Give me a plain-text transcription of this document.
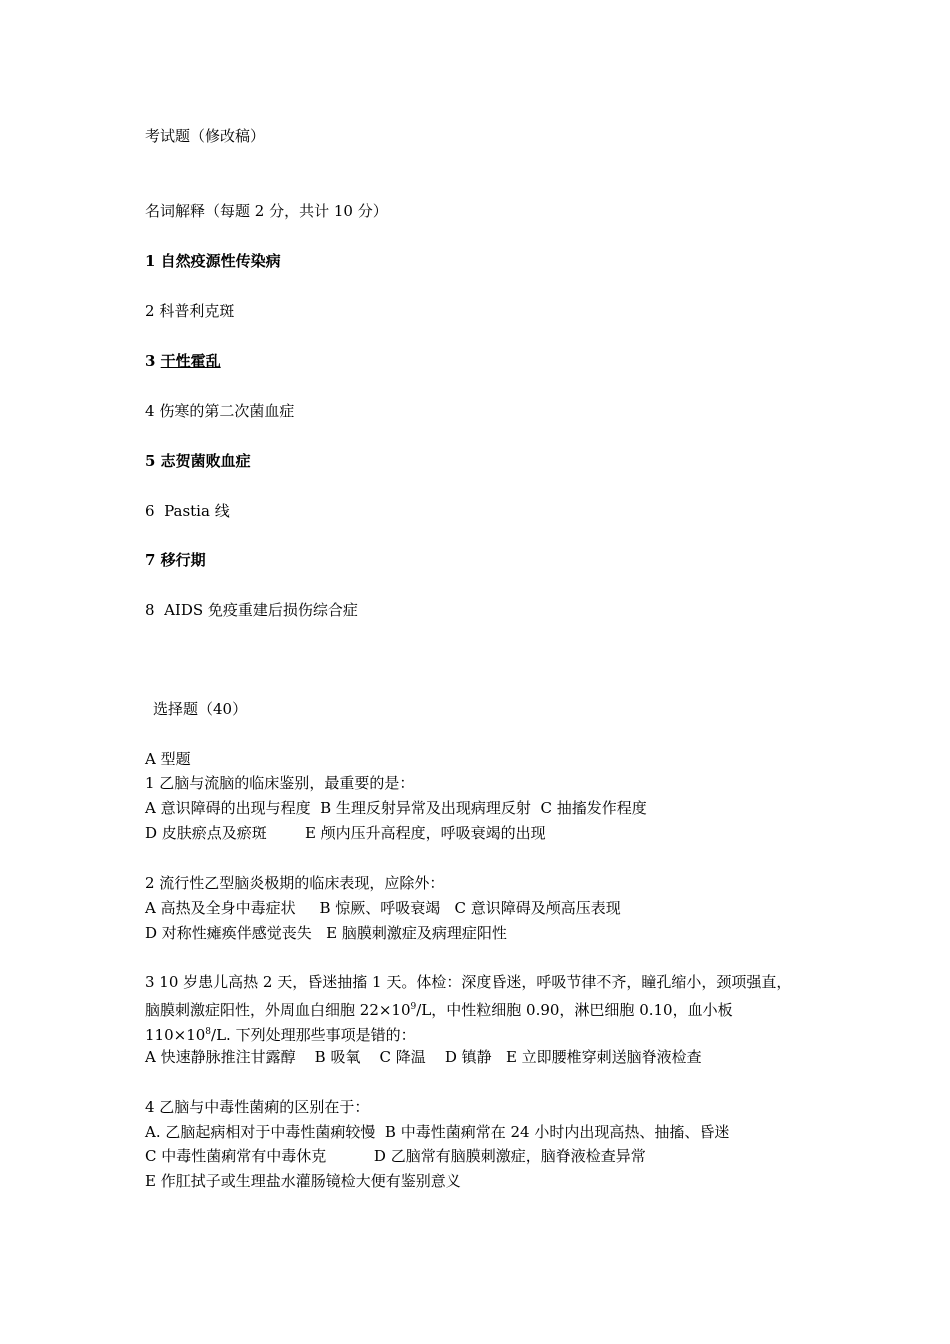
考试题（修改稿）
名词解释（每题 2 分，共计 10 分）
1 自然疫源性传染病
2 科普利克斑
3 干性霍乱
4 伤寒的第二次菌血症
5 志贺菌败血症
6  Pastia 线
7 移行期
8  AIDS 免疫重建后损伤综合症
选择题（40）
A 型题
1 乙脑与流脑的临床鉴别，最重要的是：
A 意识障碍的出现与程度  B 生理反射异常及出现病理反射  C 抽搐发作程度
D 皮肤瘀点及瘀斑        E 颅内压升高程度，呼吸衰竭的出现
2 流行性乙型脑炎极期的临床表现，应除外：
A 高热及全身中毒症状     B 惊厥、呼吸衰竭   C 意识障碍及颅高压表现
D 对称性瘫痪伴感觉丧失   E 脑膜刺激症及病理症阳性
3 10 岁患儿高热 2 天，昏迷抽搐 1 天。体检：深度昏迷，呼吸节律不齐，瞳孔缩小，颈项强直，
脑膜刺激症阳性，外周血白细胞 $22\times 10^9/L$，中性粒细胞 0.90，淋巴细胞 0.10，血小板
$110\times 10^8/L$. 下列处理那些事项是错的：
A 快速静脉推注甘露醇    B 吸氧    C 降温    D 镇静   E 立即腰椎穿刺送脑脊液检查
4 乙脑与中毒性菌痢的区别在于：
A. 乙脑起病相对于中毒性菌痢较慢  B 中毒性菌痢常在 24 小时内出现高热、抽搐、昏迷
C 中毒性菌痢常有中毒休克          D 乙脑常有脑膜刺激症，脑脊液检查异常
E 作肛拭子或生理盐水灌肠镜检大便有鉴别意义
